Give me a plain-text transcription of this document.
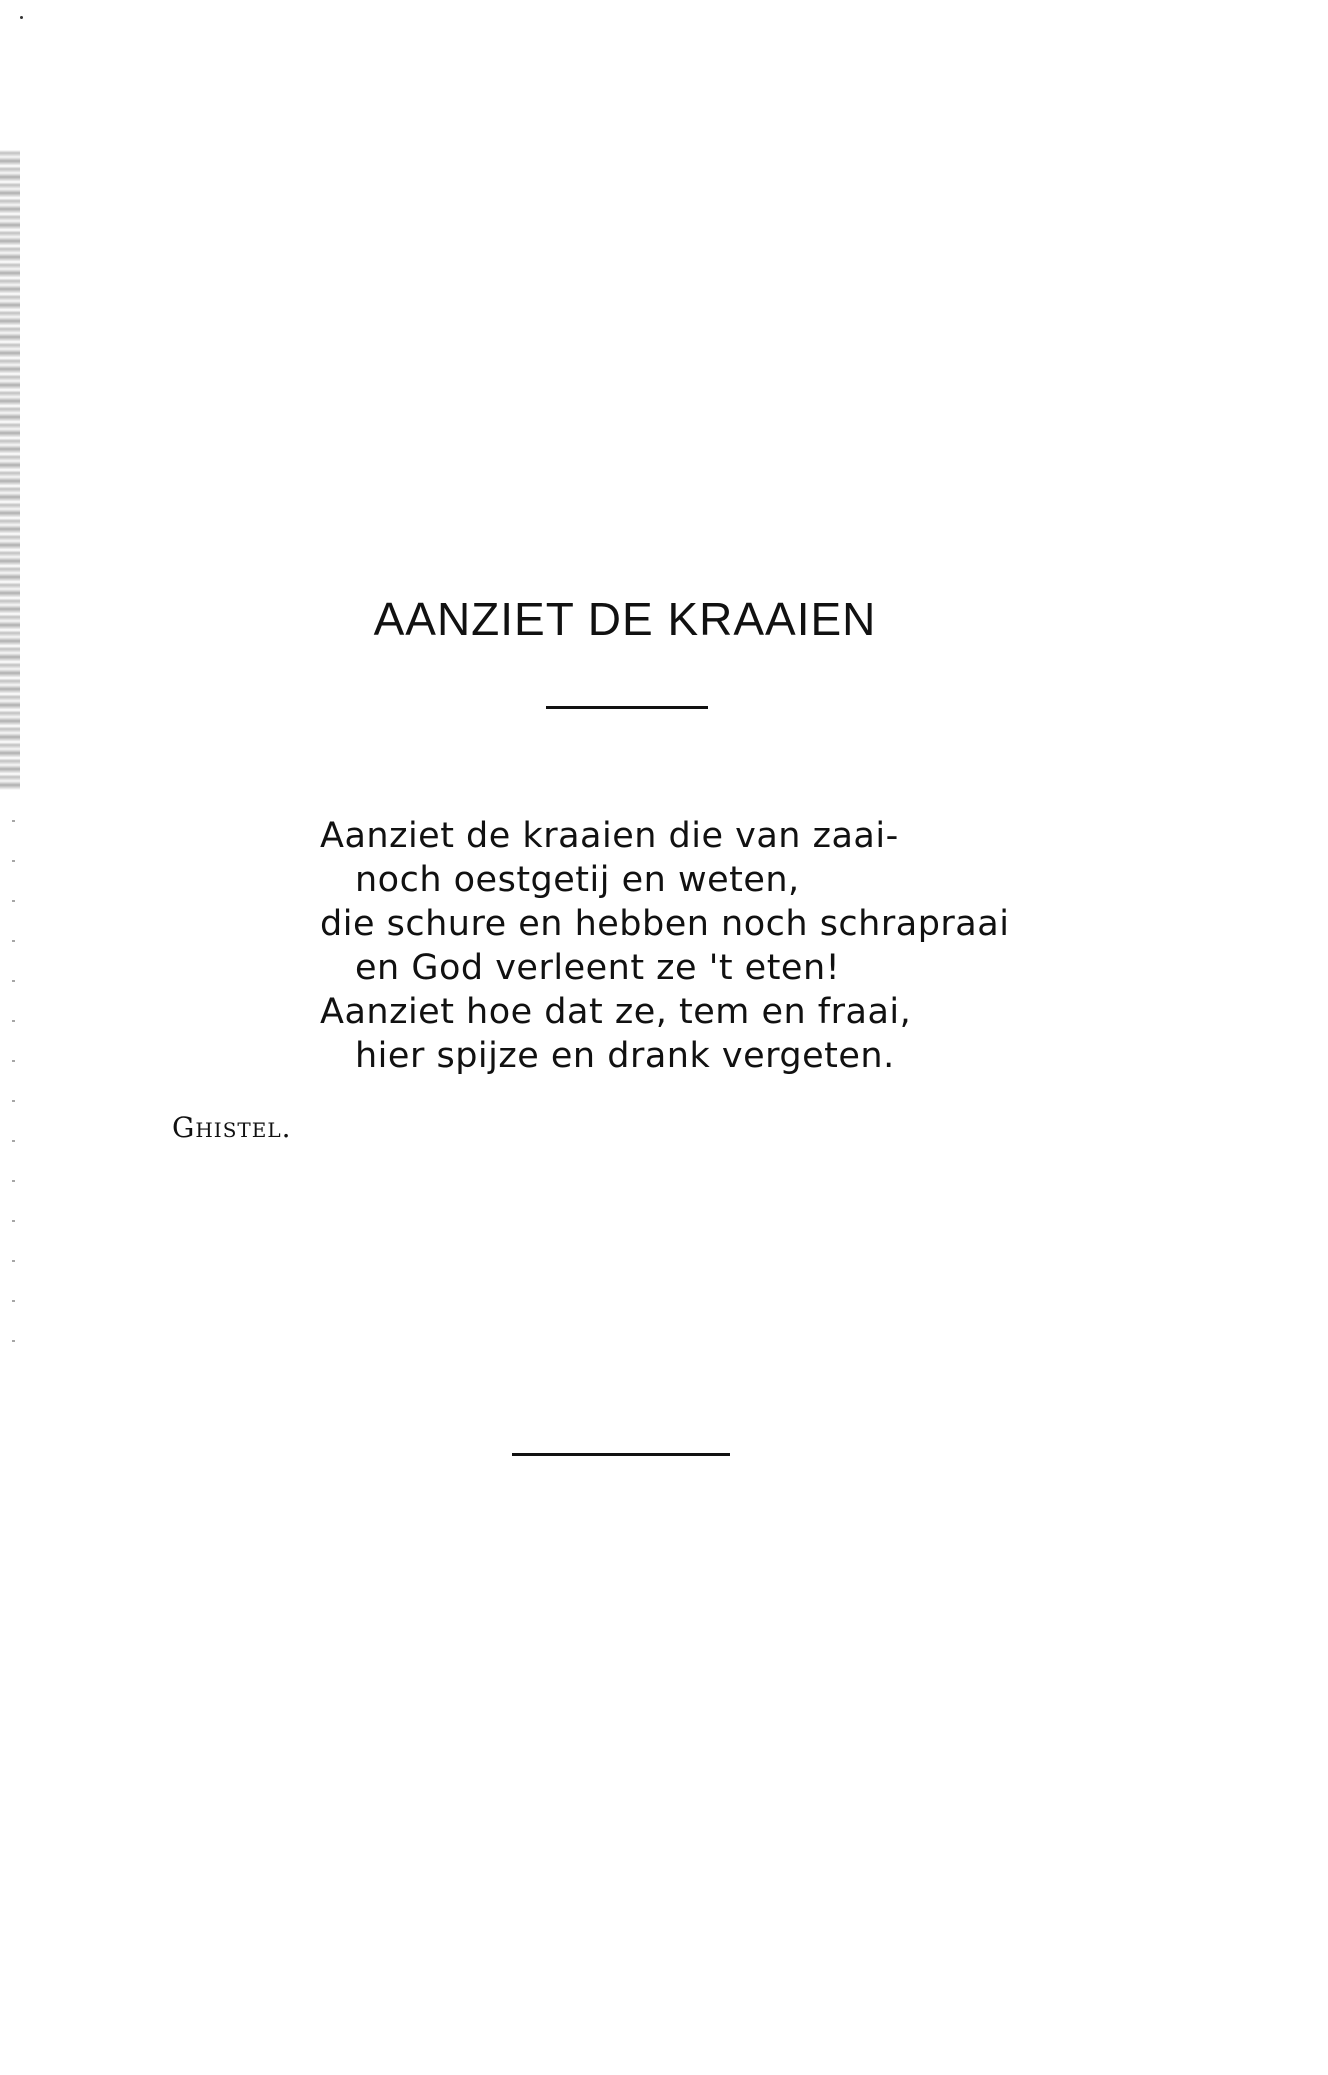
AANZIET DE KRAAIEN
Aanziet de kraaien die van zaai-
noch oestgetij en weten,
die schure en hebben noch schrapraai
en God verleent ze 't eten!
Aanziet hoe dat ze, tem en fraai,
hier spijze en drank vergeten.
Ghistel.
